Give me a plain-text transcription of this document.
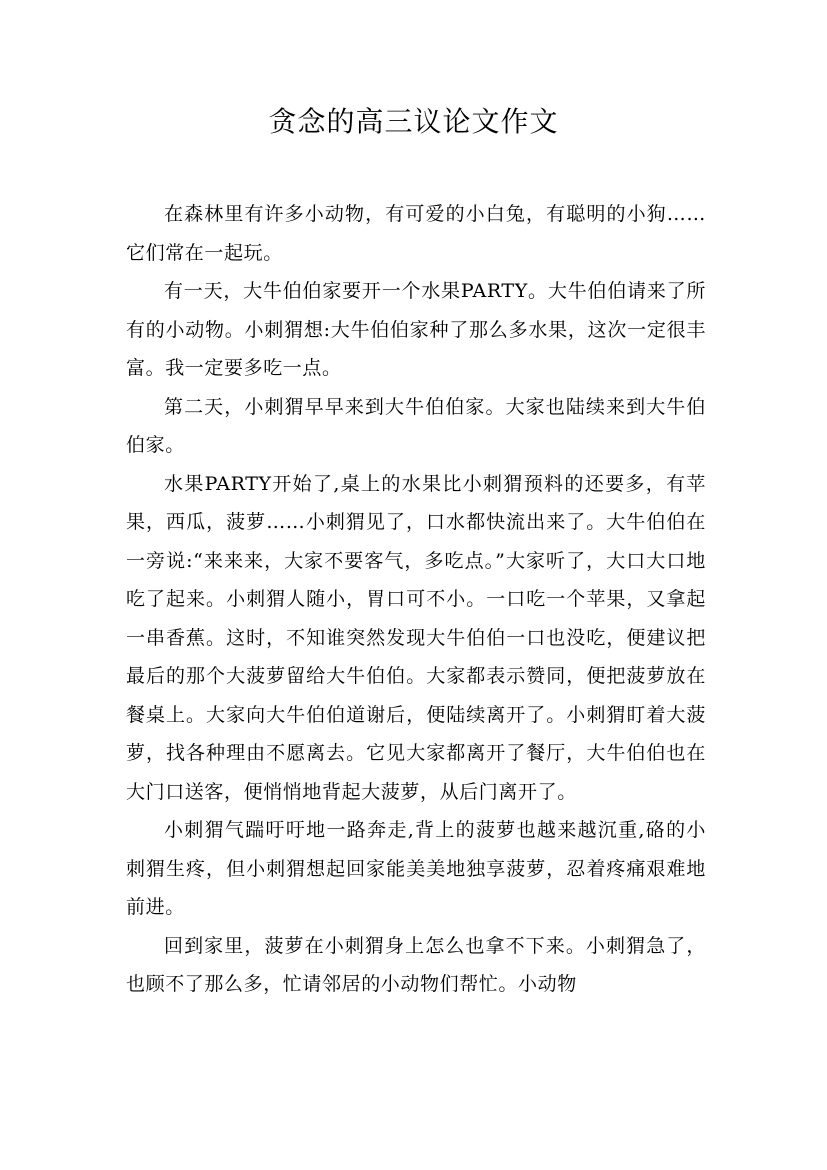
贪念的高三议论文作文

在森林里有许多小动物，有可爱的小白兔，有聪明的小狗……它们常在一起玩。

有一天，大牛伯伯家要开一个水果PARTY。大牛伯伯请来了所有的小动物。小刺猬想:大牛伯伯家种了那么多水果，这次一定很丰富。我一定要多吃一点。

第二天，小刺猬早早来到大牛伯伯家。大家也陆续来到大牛伯伯家。

水果PARTY开始了,桌上的水果比小刺猬预料的还要多，有苹果，西瓜，菠萝……小刺猬见了，口水都快流出来了。大牛伯伯在一旁说:“来来来，大家不要客气，多吃点。”大家听了，大口大口地吃了起来。小刺猬人随小，胃口可不小。一口吃一个苹果，又拿起一串香蕉。这时，不知谁突然发现大牛伯伯一口也没吃，便建议把最后的那个大菠萝留给大牛伯伯。大家都表示赞同，便把菠萝放在餐桌上。大家向大牛伯伯道谢后，便陆续离开了。小刺猬盯着大菠萝，找各种理由不愿离去。它见大家都离开了餐厅，大牛伯伯也在大门口送客，便悄悄地背起大菠萝，从后门离开了。

小刺猬气踹吁吁地一路奔走,背上的菠萝也越来越沉重,硌的小刺猬生疼，但小刺猬想起回家能美美地独享菠萝，忍着疼痛艰难地前进。

回到家里，菠萝在小刺猬身上怎么也拿不下来。小刺猬急了，也顾不了那么多，忙请邻居的小动物们帮忙。小动物
